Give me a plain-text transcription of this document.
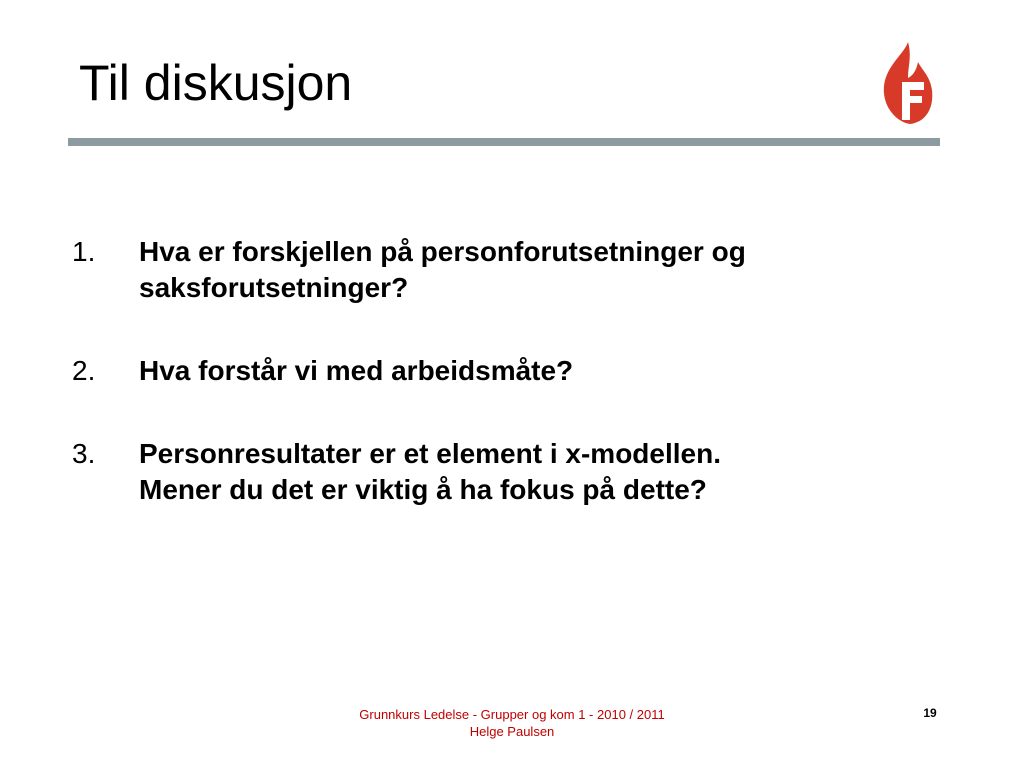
Til diskusjon
1. Hva er forskjellen på personforutsetninger og
saksforutsetninger?
2. Hva forstår vi med arbeidsmåte?
3. Personresultater er et element i x-modellen.
Mener du det er viktig å ha fokus på dette?
Grunnkurs Ledelse - Grupper og kom 1 - 2010 / 2011
Helge Paulsen
19
